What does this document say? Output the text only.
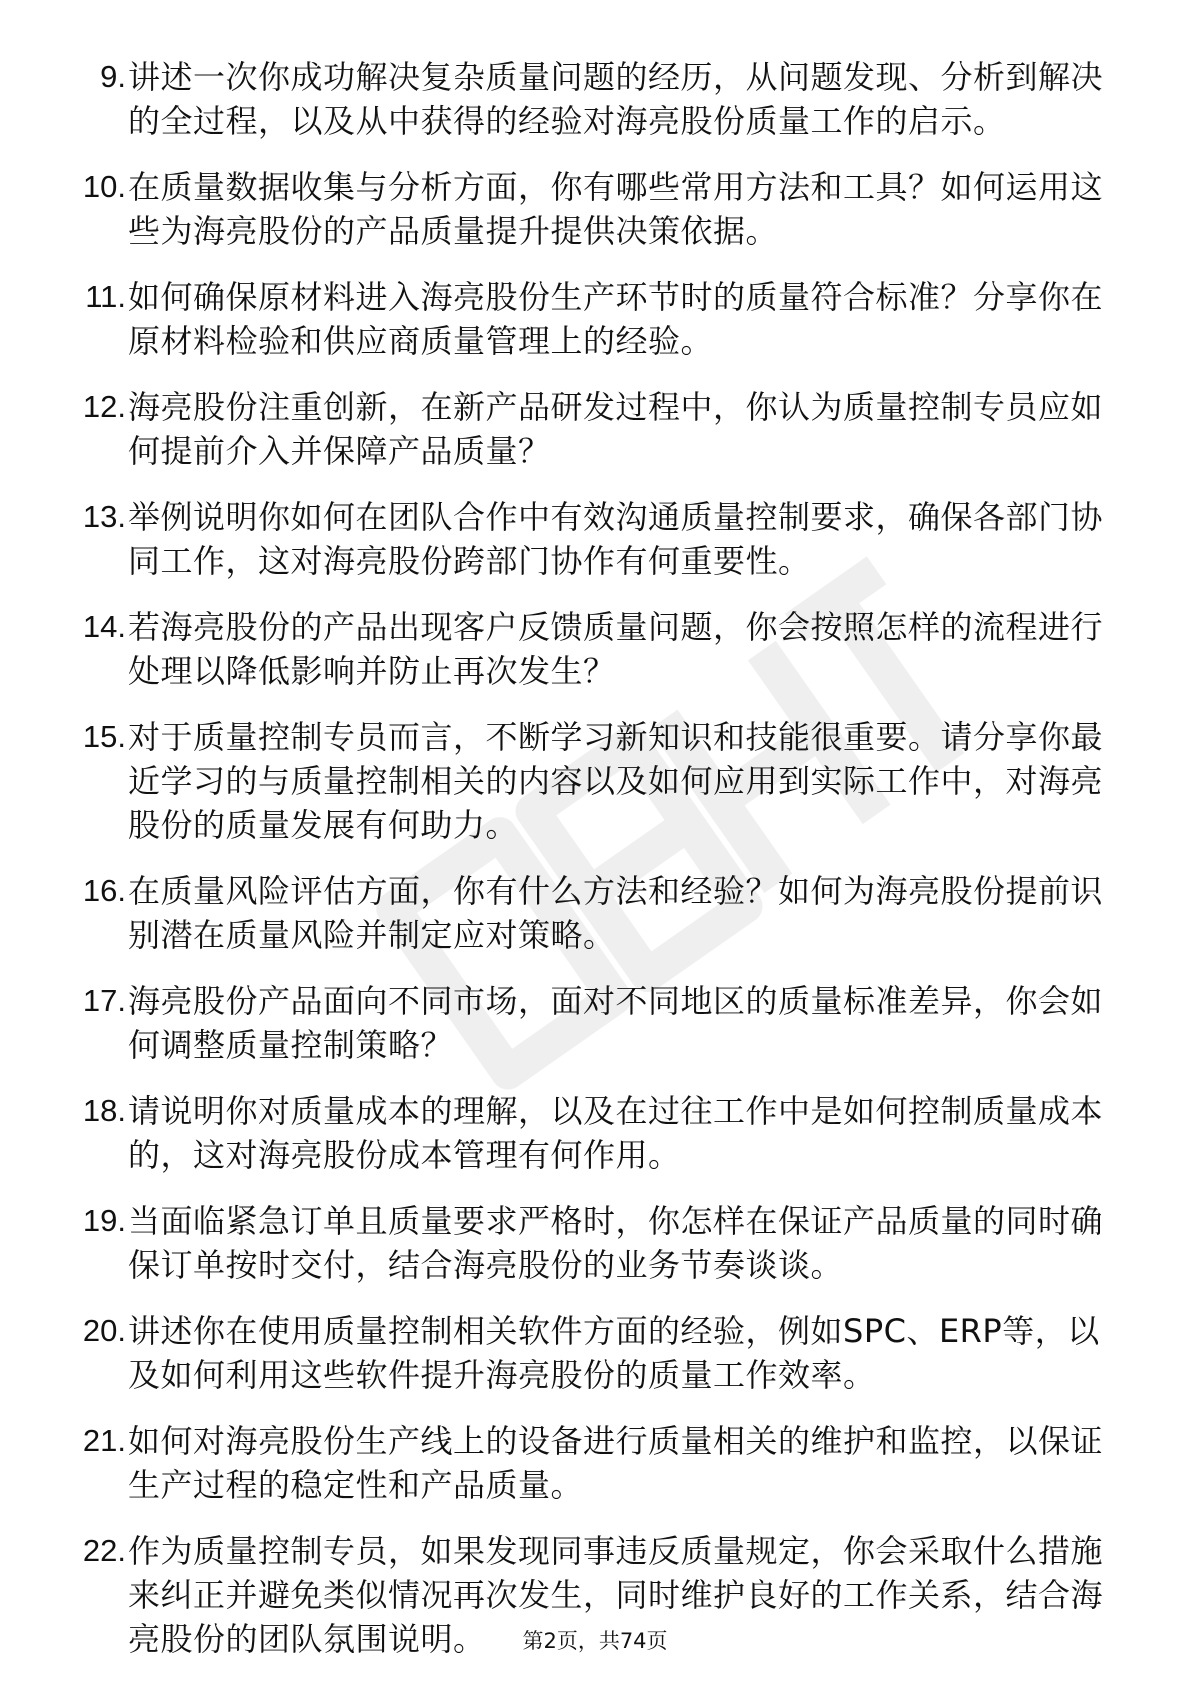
9. 讲述一次你成功解决复杂质量问题的经历，从问题发现、分析到解决的全过程，以及从中获得的经验对海亮股份质量工作的启示。
10. 在质量数据收集与分析方面，你有哪些常用方法和工具？如何运用这些为海亮股份的产品质量提升提供决策依据。
11. 如何确保原材料进入海亮股份生产环节时的质量符合标准？分享你在原材料检验和供应商质量管理上的经验。
12. 海亮股份注重创新，在新产品研发过程中，你认为质量控制专员应如何提前介入并保障产品质量？
13. 举例说明你如何在团队合作中有效沟通质量控制要求，确保各部门协同工作，这对海亮股份跨部门协作有何重要性。
14. 若海亮股份的产品出现客户反馈质量问题，你会按照怎样的流程进行处理以降低影响并防止再次发生？
15. 对于质量控制专员而言，不断学习新知识和技能很重要。请分享你最近学习的与质量控制相关的内容以及如何应用到实际工作中，对海亮股份的质量发展有何助力。
16. 在质量风险评估方面，你有什么方法和经验？如何为海亮股份提前识别潜在质量风险并制定应对策略。
17. 海亮股份产品面向不同市场，面对不同地区的质量标准差异，你会如何调整质量控制策略？
18. 请说明你对质量成本的理解，以及在过往工作中是如何控制质量成本的，这对海亮股份成本管理有何作用。
19. 当面临紧急订单且质量要求严格时，你怎样在保证产品质量的同时确保订单按时交付，结合海亮股份的业务节奏谈谈。
20. 讲述你在使用质量控制相关软件方面的经验，例如SPC、ERP等，以及如何利用这些软件提升海亮股份的质量工作效率。
21. 如何对海亮股份生产线上的设备进行质量相关的维护和监控，以保证生产过程的稳定性和产品质量。
22. 作为质量控制专员，如果发现同事违反质量规定，你会采取什么措施来纠正并避免类似情况再次发生，同时维护良好的工作关系，结合海亮股份的团队氛围说明。	第2页，共74页
